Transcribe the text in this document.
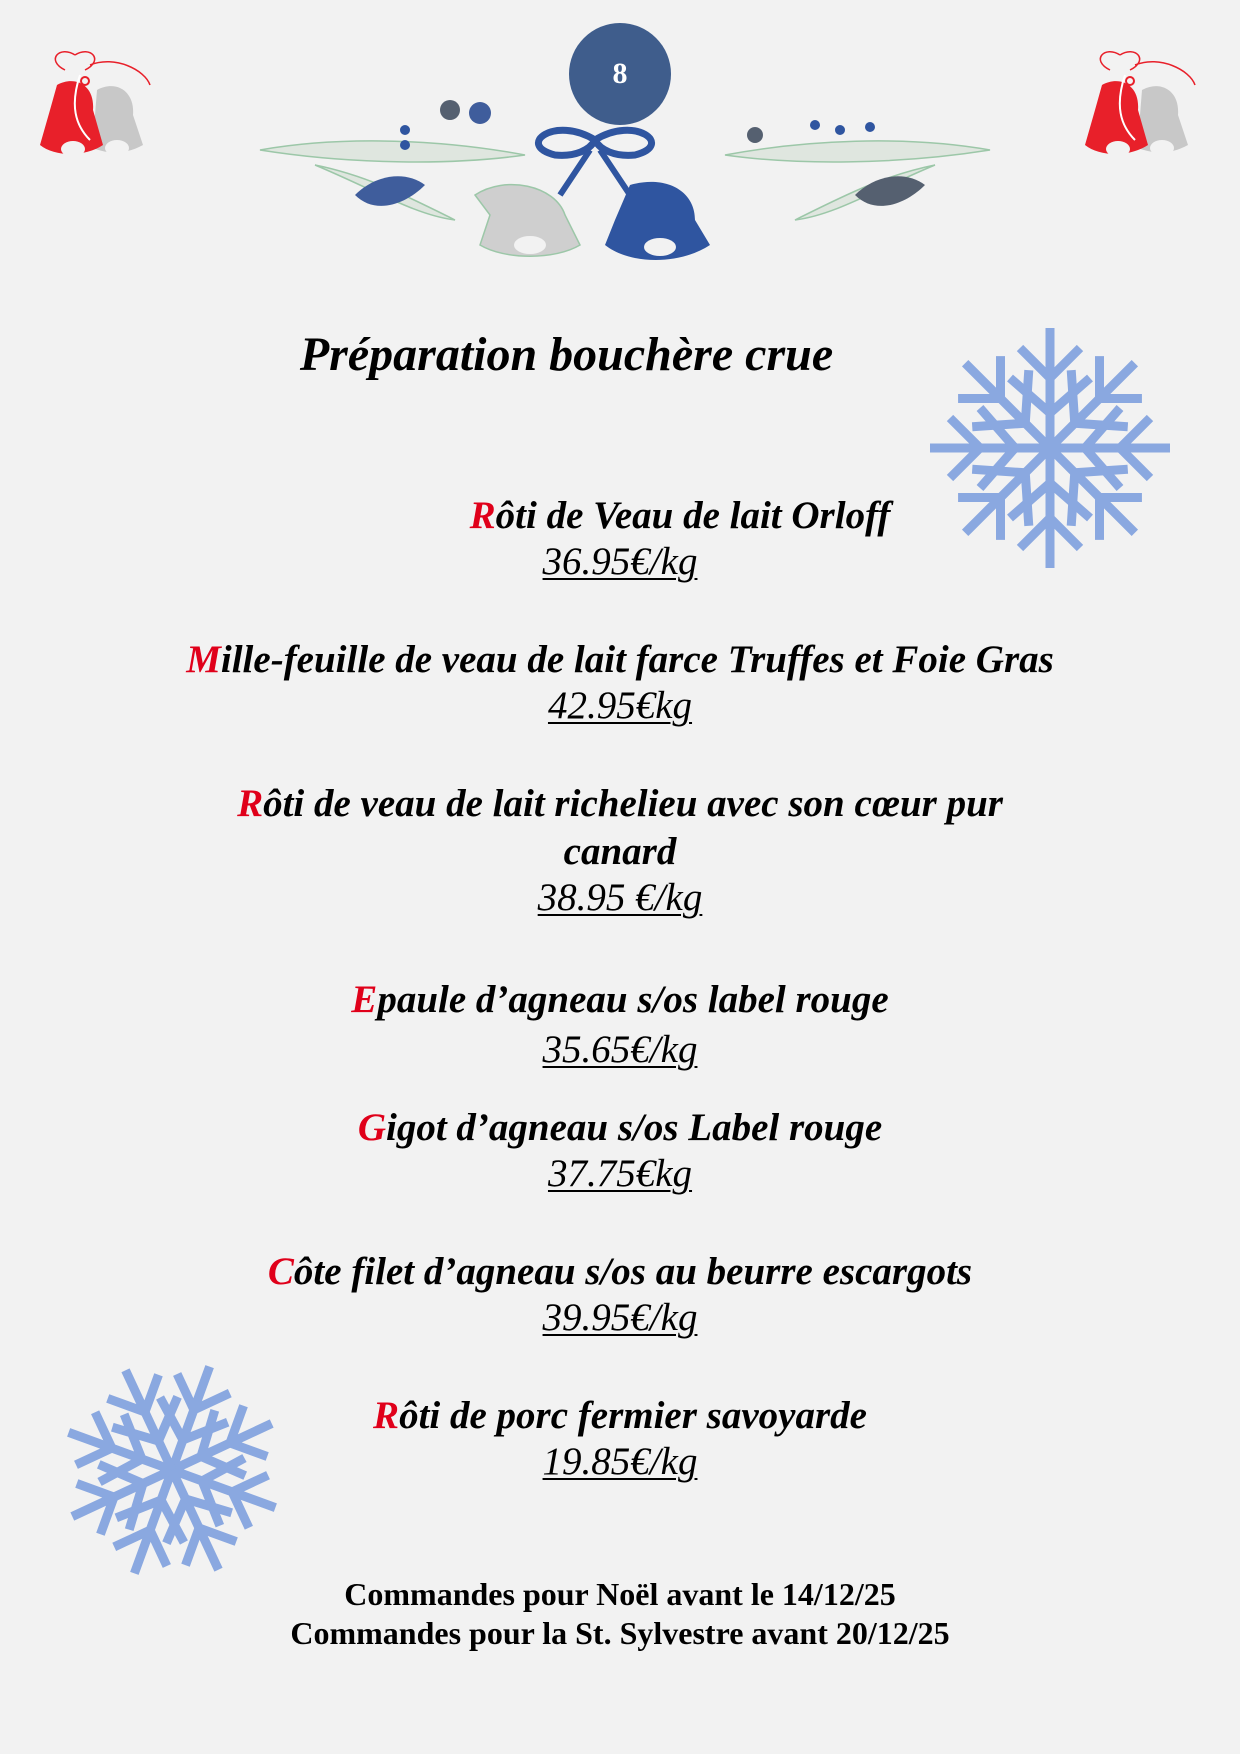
8
Préparation bouchère crue
Rôti de Veau de lait Orloff
36.95€/kg
Mille-feuille de veau de lait farce Truffes et Foie Gras
42.95€kg
Rôti de veau de lait richelieu avec son cœur pur
canard
38.95 €/kg
Epaule d’agneau s/os label rouge
35.65€/kg
Gigot d’agneau s/os Label rouge
37.75€kg
Côte filet d’agneau s/os au beurre escargots
39.95€/kg
Rôti de porc fermier savoyarde
19.85€/kg
Commandes pour Noël avant le 14/12/25
Commandes pour la St. Sylvestre avant 20/12/25
